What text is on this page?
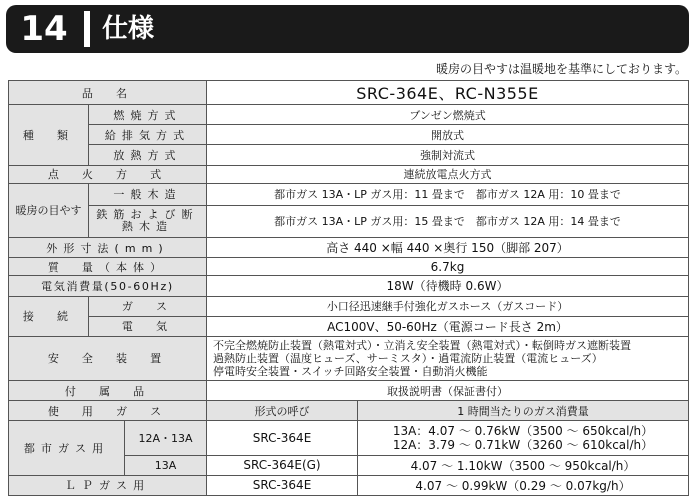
14	仕様
暖房の目やすは温暖地を基準にしております。
品　名			SRC-364E、RC-N355E	
種　類	燃焼方式		ブンゼン燃焼式	
	給排気方式		開放式	
	放熱方式		強制対流式	
点　火　方　式			連続放電点火方式	
暖房の目やす	一般木造		都市ガス 13A・LP ガス用：11 畳まで　都市ガス 12A 用：10 畳まで	
	鉄筋および断熱木造		都市ガス 13A・LP ガス用：15 畳まで　都市ガス 12A 用：14 畳まで	
外形寸法(mm)			高さ 440 ×幅 440 ×奥行 150（脚部 207）	
質　量（本体）			6.7kg	
電気消費量(50-60Hz)			18W（待機時 0.6W）	
接　続	ガ　ス		小口径迅速継手付強化ガスホース（ガスコード）	
	電　気		AC100V、50-60Hz（電源コード長さ 2m）	
安　全　装　置			不完全燃焼防止装置（熱電対式）・立消え安全装置（熱電対式）・転倒時ガス遮断装置
過熱防止装置（温度ヒューズ、サーミスタ）・過電流防止装置（電流ヒューズ）
停電時安全装置・スイッチ回路安全装置・自動消火機能	

付　属　品			取扱説明書（保証書付）	
使　用　ガ　ス			形式の呼び	1 時間当たりのガス消費量
都市ガス用		12A・13A	SRC-364E	13A：4.07 〜 0.76kW（3500 〜 650kcal/h）
12A：3.79 〜 0.71kW（3260 〜 610kcal/h）

		13A	SRC-364E(G)	4.07 〜 1.10kW（3500 〜 950kcal/h）
ＬＰガス用			SRC-364E	4.07 〜 0.99kW（0.29 〜 0.07kg/h）
